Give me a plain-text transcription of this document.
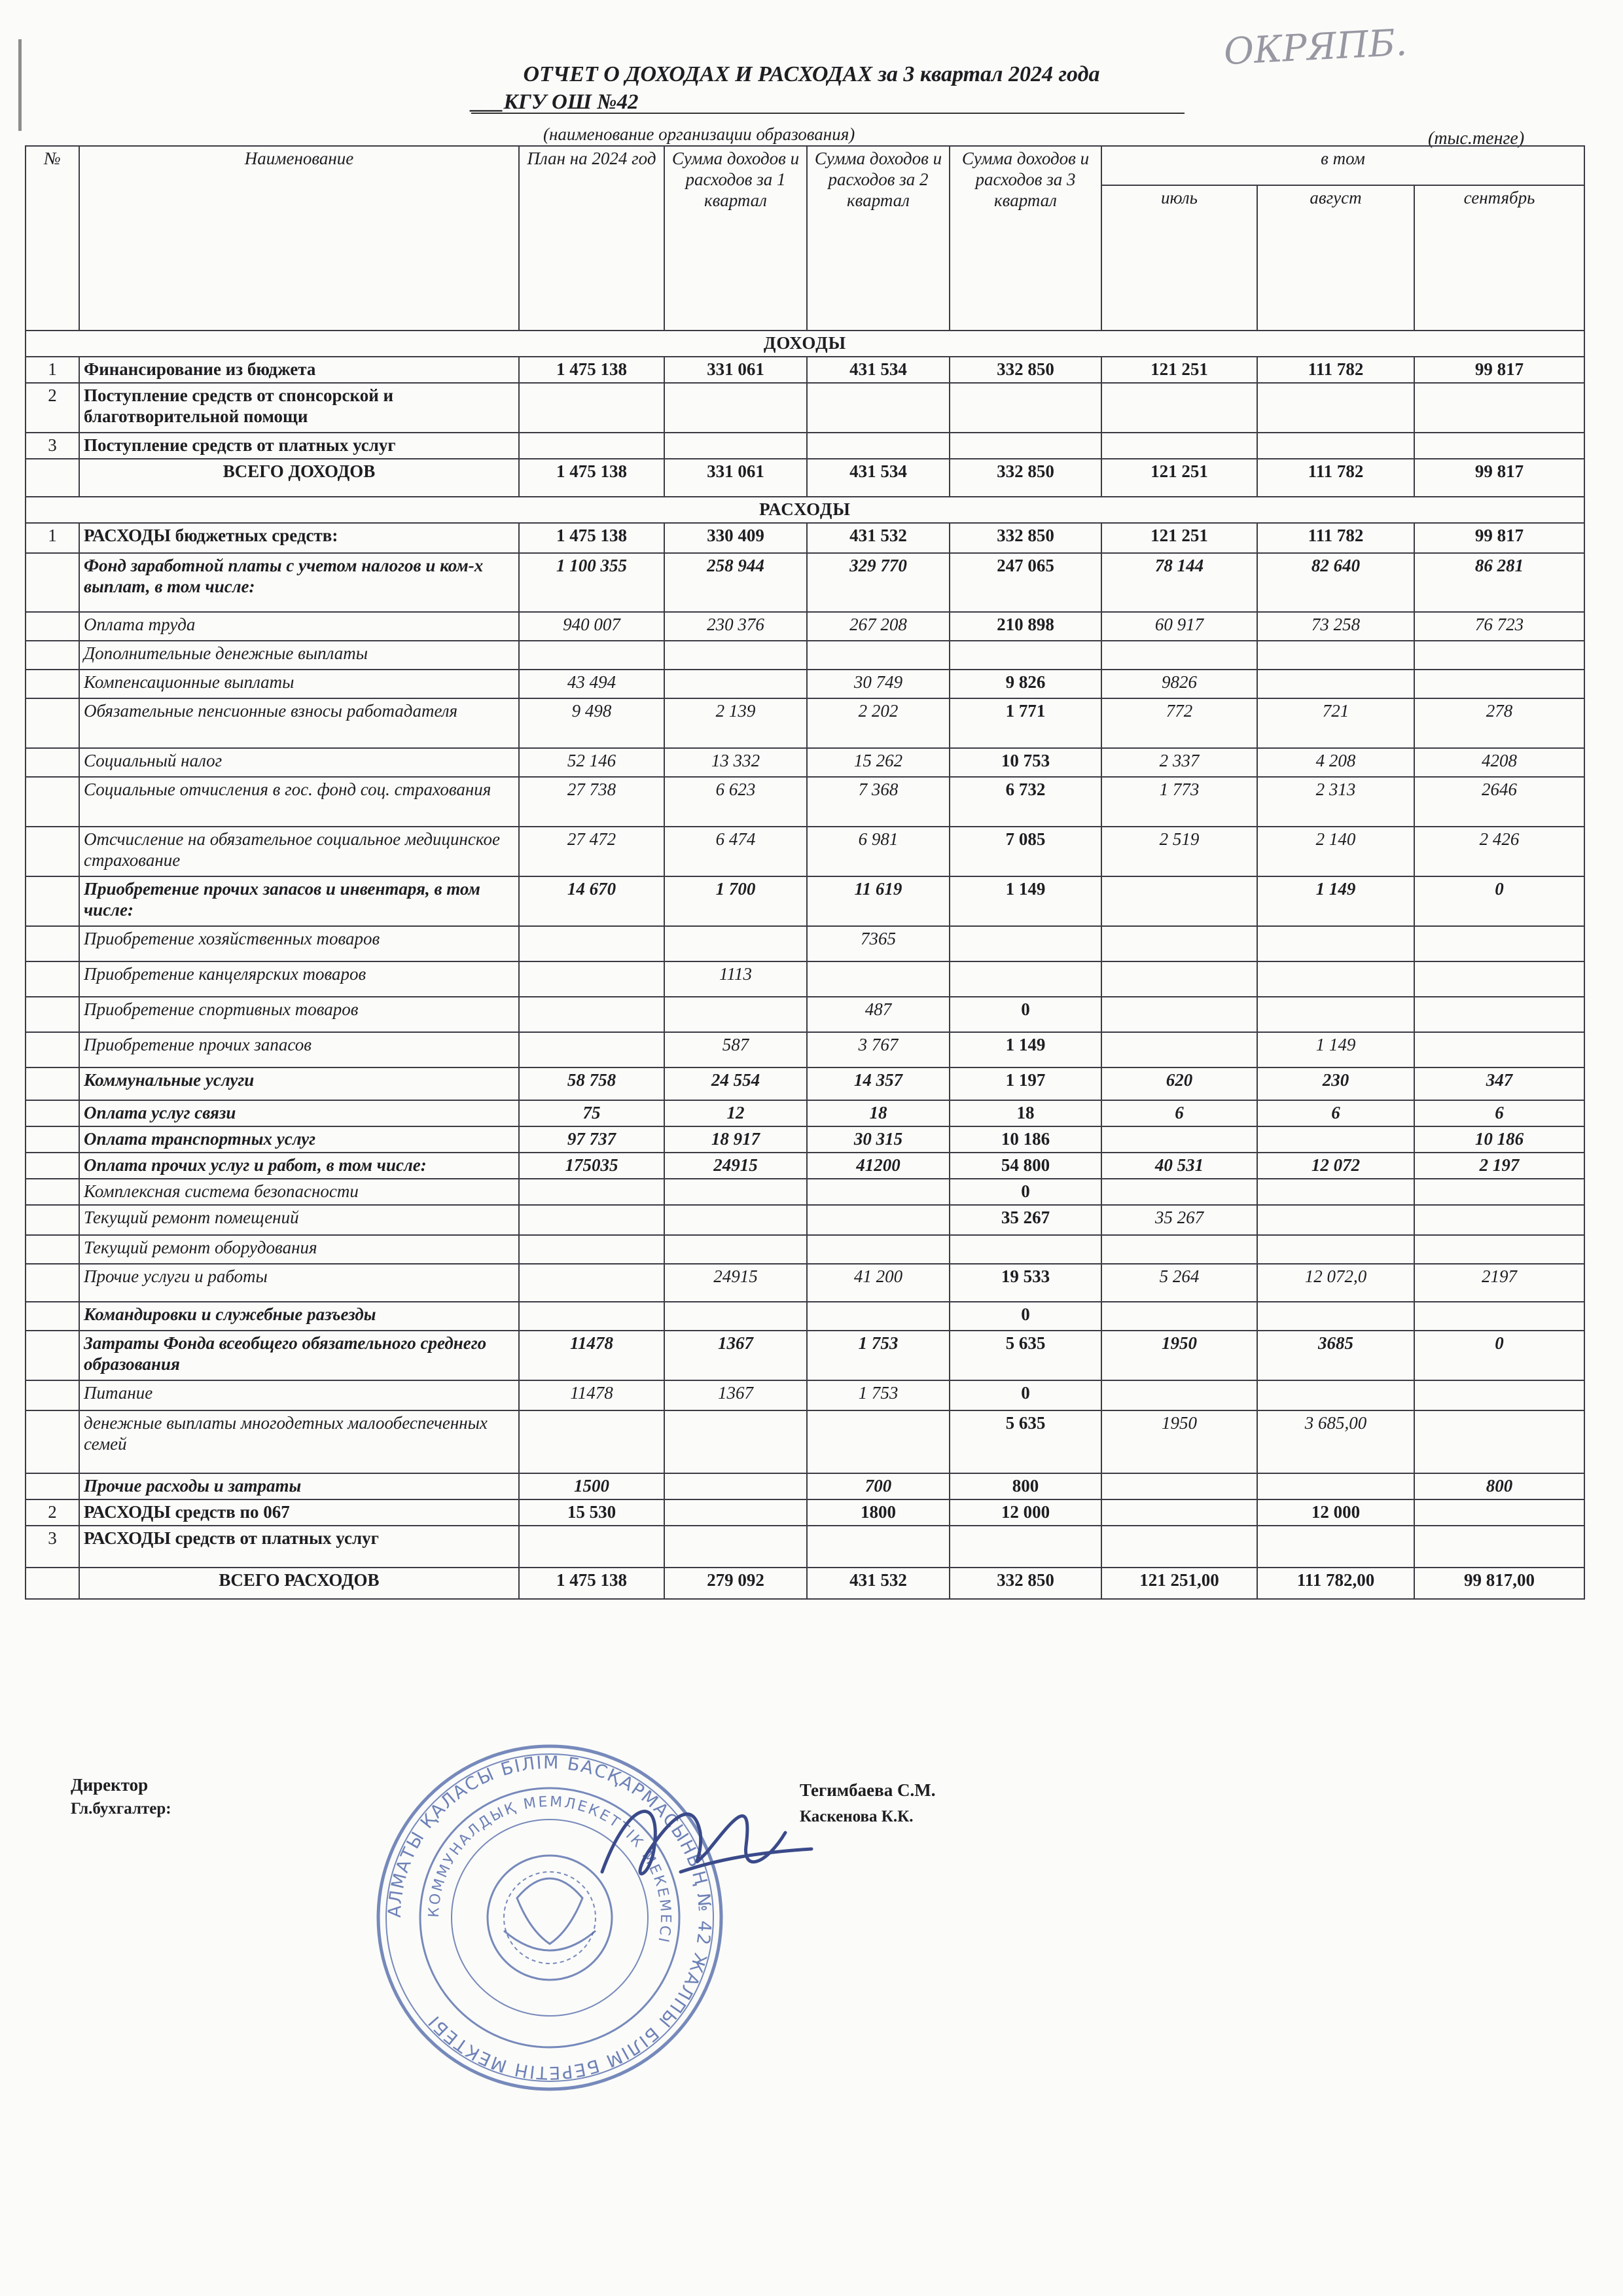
ОКРЯПБ.
ОТЧЕТ О ДОХОДАХ И РАСХОДАХ за 3 квартал 2024 года
___КГУ ОШ №42
(наименование организации образования)	(тыс.тенге)
№	Наименование	План на 2024 год	Сумма доходов и расходов за 1 квартал	Сумма доходов и расходов за 2 квартал	Сумма доходов и расходов за 3 квартал	в том		
						июль	август	сентябрь
ДОХОДЫ								
1	Финансирование из бюджета	1 475 138	331 061	431 534	332 850	121 251	111 782	99 817
2	Поступление средств от спонсорской и благотворительной помощи							
3	Поступление средств от платных услуг							
	ВСЕГО ДОХОДОВ	1 475 138	331 061	431 534	332 850	121 251	111 782	99 817
РАСХОДЫ								
1	РАСХОДЫ бюджетных средств:	1 475 138	330 409	431 532	332 850	121 251	111 782	99 817
	Фонд заработной платы с учетом налогов и ком-х выплат, в том числе:	1 100 355	258 944	329 770	247 065	78 144	82 640	86 281
	Оплата труда	940 007	230 376	267 208	210 898	60 917	73 258	76 723
	Дополнительные денежные выплаты							
	Компенсационные выплаты	43 494		30 749	9 826	9826		
	Обязательные пенсионные взносы работадателя	9 498	2 139	2 202	1 771	772	721	278
	Социальный налог	52 146	13 332	15 262	10 753	2 337	4 208	4208
	Социальные отчисления в гос. фонд соц. страхования	27 738	6 623	7 368	6 732	1 773	2 313	2646
	Отсчисление на обязательное социальное медицинское страхование	27 472	6 474	6 981	7 085	2 519	2 140	2 426
	Приобретение прочих запасов и инвентаря, в том числе:	14 670	1 700	11 619	1 149		1 149	0
	Приобретение хозяйственных товаров			7365				
	Приобретение канцелярских товаров		1113					
	Приобретение спортивных товаров			487	0			
	Приобретение прочих запасов		587	3 767	1 149		1 149	
	Коммунальные услуги	58 758	24 554	14 357	1 197	620	230	347
	Оплата услуг связи	75	12	18	18	6	6	6
	Оплата транспортных услуг	97 737	18 917	30 315	10 186			10 186
	Оплата прочих услуг и работ, в том числе:	175035	24915	41200	54 800	40 531	12 072	2 197
	Комплексная система безопасности				0			
	Текущий ремонт помещений				35 267	35 267		
	Текущий ремонт оборудования							
	Прочие услуги и работы		24915	41 200	19 533	5 264	12 072,0	2197
	Командировки и служебные разъезды				0			
	Затраты Фонда всеобщего обязательного среднего образования	11478	1367	1 753	5 635	1950	3685	0
	Питание	11478	1367	1 753	0			
	денежные выплаты многодетных малообеспеченных семей				5 635	1950	3 685,00	
	Прочие расходы и затраты	1500		700	800			800
2	РАСХОДЫ средств по 067	15 530		1800	12 000		12 000	
3	РАСХОДЫ средств от платных услуг							
	ВСЕГО РАСХОДОВ	1 475 138	279 092	431 532	332 850	121 251,00	111 782,00	99 817,00
Директор
Гл.бухгалтер:
Тегимбаева С.М.
Каскенова К.К.
АЛМАТЫ ҚАЛАСЫ БІЛІМ БАСҚАРМАСЫНЫҢ № 42 ЖАЛПЫ БІЛІМ БЕРЕТІН МЕКТЕБІ
КОММУНАЛДЫҚ МЕМЛЕКЕТТІК МЕКЕМЕСІ
